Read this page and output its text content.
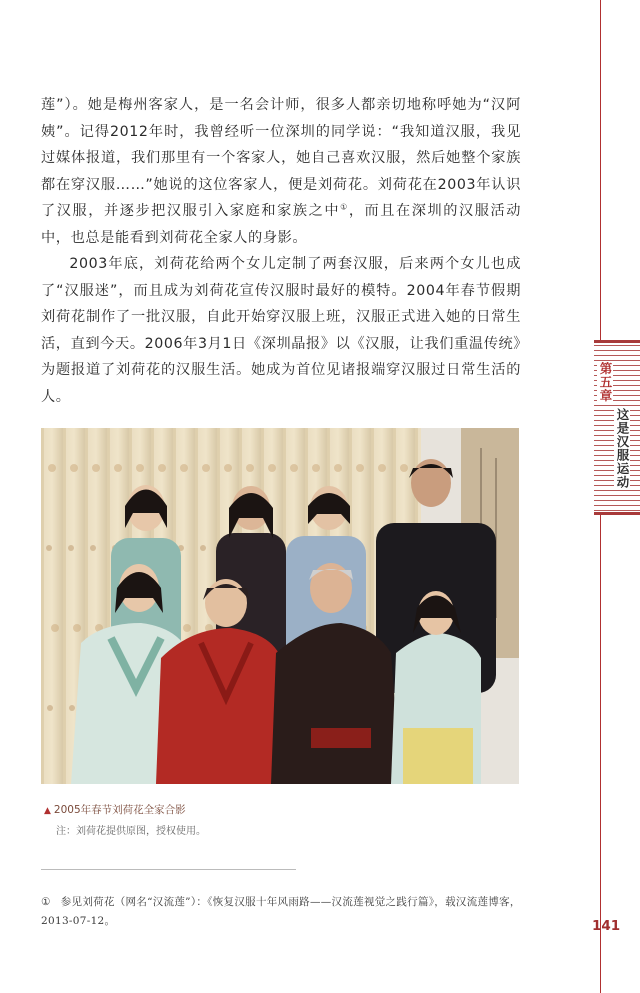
第五章
这是汉服运动

莲”）。她是梅州客家人，是一名会计师，很多人都亲切地称呼她为“汉阿姨”。记得2012年时，我曾经听一位深圳的同学说：“我知道汉服，我见过媒体报道，我们那里有一个客家人，她自己喜欢汉服，然后她整个家族都在穿汉服……”她说的这位客家人，便是刘荷花。刘荷花在2003年认识了汉服，并逐步把汉服引入家庭和家族之中①，而且在深圳的汉服活动中，也总是能看到刘荷花全家人的身影。

2003年底，刘荷花给两个女儿定制了两套汉服，后来两个女儿也成了“汉服迷”，而且成为刘荷花宣传汉服时最好的模特。2004年春节假期刘荷花制作了一批汉服，自此开始穿汉服上班，汉服正式进入她的日常生活，直到今天。2006年3月1日《深圳晶报》以《汉服，让我们重温传统》为题报道了刘荷花的汉服生活。她成为首位见诸报端穿汉服过日常生活的人。

▲ 2005年春节刘荷花全家合影
注：刘荷花提供原图，授权使用。
① 参见刘荷花（网名“汉流莲”）：《恢复汉服十年风雨路——汉流莲视觉之践行篇》，载汉流莲博客，2013-07-12。	141
